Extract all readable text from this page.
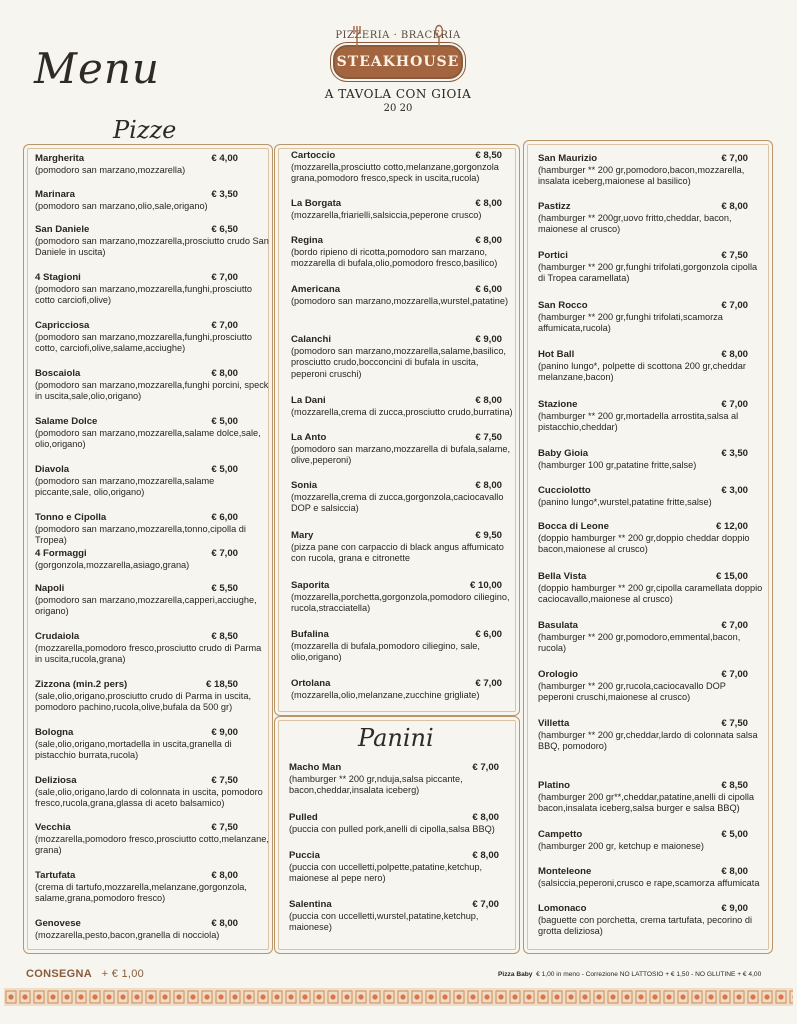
Menu
PIZZERIA · BRACERIA
STEAKHOUSE
A TAVOLA CON GIOIA
20 20
Pizze
Panini
CONSEGNA + € 1,00	Pizza Baby € 1,00 in meno - Correzione NO LATTOSIO + € 1,50 - NO GLUTINE + € 4,00
Margherita	€ 4,00
(pomodoro san marzano,mozzarella)
Marinara	€ 3,50
(pomodoro san marzano,olio,sale,origano)
San Daniele	€ 6,50
(pomodoro san marzano,mozzarella,prosciutto crudo San Daniele in uscita)
4 Stagioni	€ 7,00
(pomodoro san marzano,mozzarella,funghi,prosciutto cotto carciofi,olive)
Capricciosa	€ 7,00
(pomodoro san marzano,mozzarella,funghi,prosciutto cotto, carciofi,olive,salame,acciughe)
Boscaiola	€ 8,00
(pomodoro san marzano,mozzarella,funghi porcini, speck in uscita,sale,olio,origano)
Salame Dolce	€ 5,00
(pomodoro san marzano,mozzarella,salame dolce,sale, olio,origano)
Diavola	€ 5,00
(pomodoro san marzano,mozzarella,salame piccante,sale, olio,origano)
Tonno e Cipolla	€ 6,00
(pomodoro san marzano,mozzarella,tonno,cipolla di Tropea)
4 Formaggi	€ 7,00
(gorgonzola,mozzarella,asiago,grana)
Napoli	€ 5,50
(pomodoro san marzano,mozzarella,capperi,acciughe, origano)
Crudaiola	€ 8,50
(mozzarella,pomodoro fresco,prosciutto crudo di Parma in uscita,rucola,grana)
Zizzona (min.2 pers)	€ 18,50
(sale,olio,origano,prosciutto crudo di Parma in uscita, pomodoro pachino,rucola,olive,bufala da 500 gr)
Bologna	€ 9,00
(sale,olio,origano,mortadella in uscita,granella di pistacchio burrata,rucola)
Deliziosa	€ 7,50
(sale,olio,origano,lardo di colonnata in uscita, pomodoro fresco,rucola,grana,glassa di aceto balsamico)
Vecchia	€ 7,50
(mozzarella,pomodoro fresco,prosciutto cotto,melanzane, grana)
Tartufata	€ 8,00
(crema di tartufo,mozzarella,melanzane,gorgonzola, salame,grana,pomodoro fresco)
Genovese	€ 8,00
(mozzarella,pesto,bacon,granella di nocciola)
Cartoccio	€ 8,50
(mozzarella,prosciutto cotto,melanzane,gorgonzola grana,pomodoro fresco,speck in uscita,rucola)
La Borgata	€ 8,00
(mozzarella,friarielli,salsiccia,peperone crusco)
Regina	€ 8,00
(bordo ripieno di ricotta,pomodoro san marzano, mozzarella di bufala,olio,pomodoro fresco,basilico)
Americana	€ 6,00
(pomodoro san marzano,mozzarella,wurstel,patatine)
Calanchi	€ 9,00
(pomodoro san marzano,mozzarella,salame,basilico, prosciutto crudo,bocconcini di bufala in uscita, peperoni cruschi)
La Dani	€ 8,00
(mozzarella,crema di zucca,prosciutto crudo,burratina)
La Anto	€ 7,50
(pomodoro san marzano,mozzarella di bufala,salame, olive,peperoni)
Sonia	€ 8,00
(mozzarella,crema di zucca,gorgonzola,caciocavallo DOP e salsiccia)
Mary	€ 9,50
(pizza pane con carpaccio di black angus affumicato con rucola, grana e citronette
Saporita	€ 10,00
(mozzarella,porchetta,gorgonzola,pomodoro ciliegino, rucola,stracciatella)
Bufalina	€ 6,00
(mozzarella di bufala,pomodoro ciliegino, sale, olio,origano)
Ortolana	€ 7,00
(mozzarella,olio,melanzane,zucchine grigliate)
Macho Man	€ 7,00
(hamburger ** 200 gr,nduja,salsa piccante, bacon,cheddar,insalata iceberg)
Pulled	€ 8,00
(puccia con pulled pork,anelli di cipolla,salsa BBQ)
Puccia	€ 8,00
(puccia con uccelletti,polpette,patatine,ketchup, maionese al pepe nero)
Salentina	€ 7,00
(puccia con uccelletti,wurstel,patatine,ketchup, maionese)
San Maurizio	€ 7,00
(hamburger ** 200 gr,pomodoro,bacon,mozzarella, insalata iceberg,maionese al basilico)
Pastizz	€ 8,00
(hamburger ** 200gr,uovo fritto,cheddar, bacon, maionese al crusco)
Portici	€ 7,50
(hamburger ** 200 gr,funghi trifolati,gorgonzola cipolla di Tropea caramellata)
San Rocco	€ 7,00
(hamburger ** 200 gr,funghi trifolati,scamorza affumicata,rucola)
Hot Ball	€ 8,00
(panino lungo*, polpette di scottona 200 gr,cheddar melanzane,bacon)
Stazione	€ 7,00
(hamburger ** 200 gr,mortadella arrostita,salsa al pistacchio,cheddar)
Baby Gioia	€ 3,50
(hamburger 100 gr,patatine fritte,salse)
Cucciolotto	€ 3,00
(panino lungo*,wurstel,patatine fritte,salse)
Bocca di Leone	€ 12,00
(doppio hamburger ** 200 gr,doppio cheddar doppio bacon,maionese al crusco)
Bella Vista	€ 15,00
(doppio hamburger ** 200 gr,cipolla caramellata doppio caciocavallo,maionese al crusco)
Basulata	€ 7,00
(hamburger ** 200 gr,pomodoro,emmental,bacon, rucola)
Orologio	€ 7,00
(hamburger ** 200 gr,rucola,caciocavallo DOP peperoni cruschi,maionese al crusco)
Villetta	€ 7,50
(hamburger ** 200 gr,cheddar,lardo di colonnata salsa BBQ, pomodoro)
Platino	€ 8,50
(hamburger 200 gr**,cheddar,patatine,anelli di cipolla bacon,insalata iceberg,salsa burger e salsa BBQ)
Campetto	€ 5,00
(hamburger 200 gr, ketchup e maionese)
Monteleone	€ 8,00
(salsiccia,peperoni,crusco e rape,scamorza affumicata
Lomonaco	€ 9,00
(baguette con porchetta, crema tartufata, pecorino di grotta deliziosa)
